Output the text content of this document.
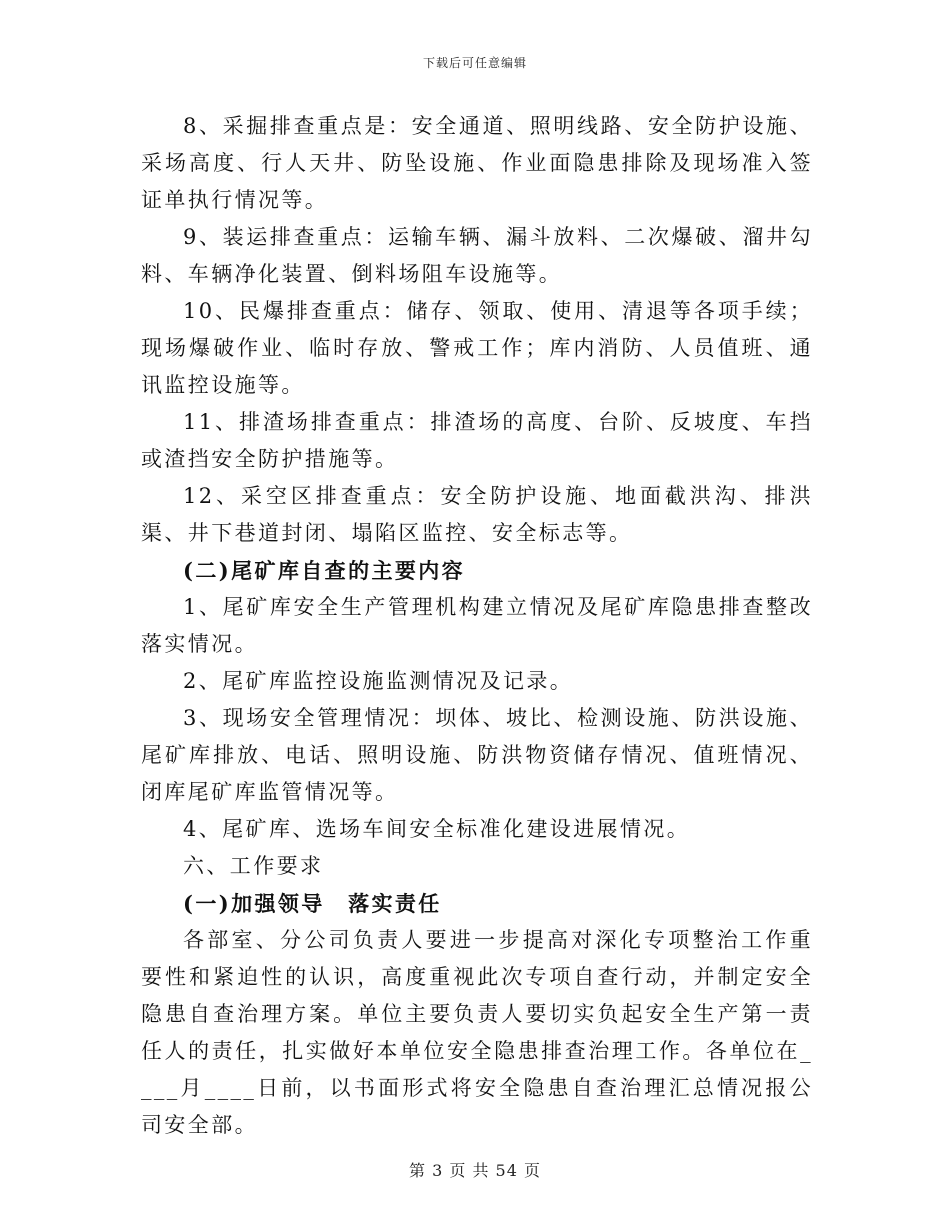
下载后可任意编辑

8、采掘排查重点是：安全通道、照明线路、安全防护设施、采场高度、行人天井、防坠设施、作业面隐患排除及现场准入签证单执行情况等。

9、装运排查重点：运输车辆、漏斗放料、二次爆破、溜井勾料、车辆净化装置、倒料场阻车设施等。

10、民爆排查重点：储存、领取、使用、清退等各项手续；现场爆破作业、临时存放、警戒工作；库内消防、人员值班、通讯监控设施等。

11、排渣场排查重点：排渣场的高度、台阶、反坡度、车挡或渣挡安全防护措施等。

12、采空区排查重点：安全防护设施、地面截洪沟、排洪渠、井下巷道封闭、塌陷区监控、安全标志等。

(二)尾矿库自查的主要内容

1、尾矿库安全生产管理机构建立情况及尾矿库隐患排查整改落实情况。

2、尾矿库监控设施监测情况及记录。

3、现场安全管理情况：坝体、坡比、检测设施、防洪设施、尾矿库排放、电话、照明设施、防洪物资储存情况、值班情况、闭库尾矿库监管情况等。

4、尾矿库、选场车间安全标准化建设进展情况。

六、工作要求

(一)加强领导　落实责任

各部室、分公司负责人要进一步提高对深化专项整治工作重要性和紧迫性的认识，高度重视此次专项自查行动，并制定安全隐患自查治理方案。单位主要负责人要切实负起安全生产第一责任人的责任，扎实做好本单位安全隐患排查治理工作。各单位在____月____日前，以书面形式将安全隐患自查治理汇总情况报公司安全部。

第 3 页 共 54 页
